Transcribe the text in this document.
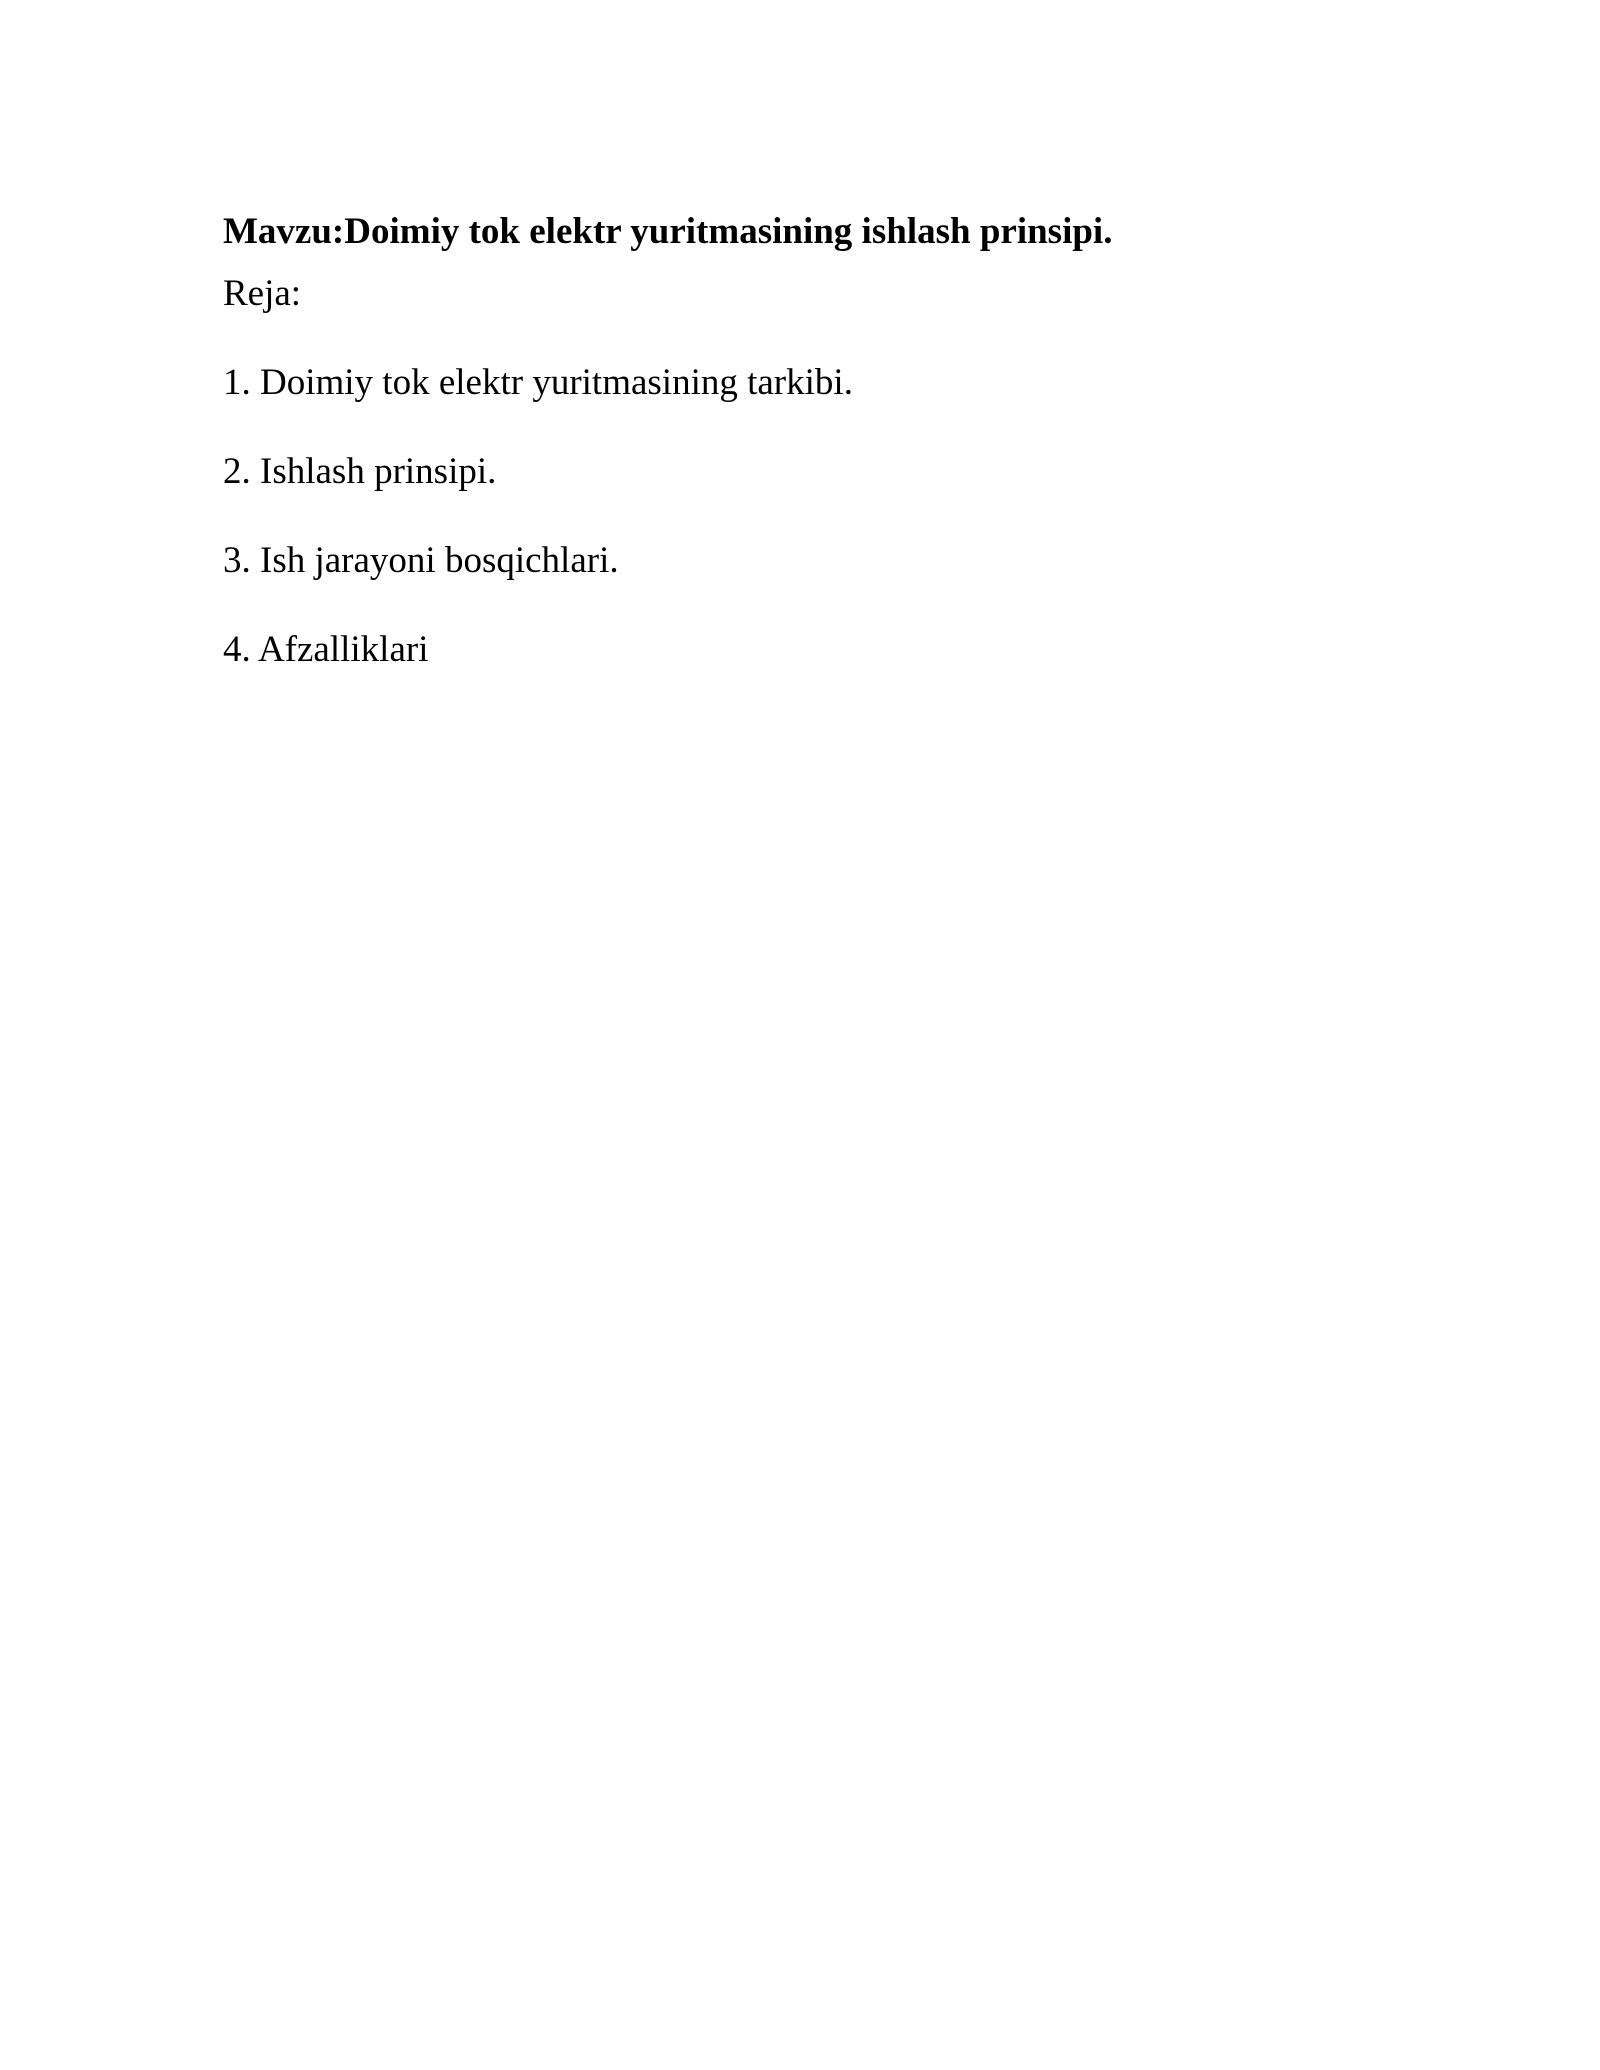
Mavzu:Doimiy tok elektr yuritmasining ishlash prinsipi.

Reja:

1. Doimiy tok elektr yuritmasining tarkibi.
2. Ishlash prinsipi.
3. Ish jarayoni bosqichlari.
4. Afzalliklari
